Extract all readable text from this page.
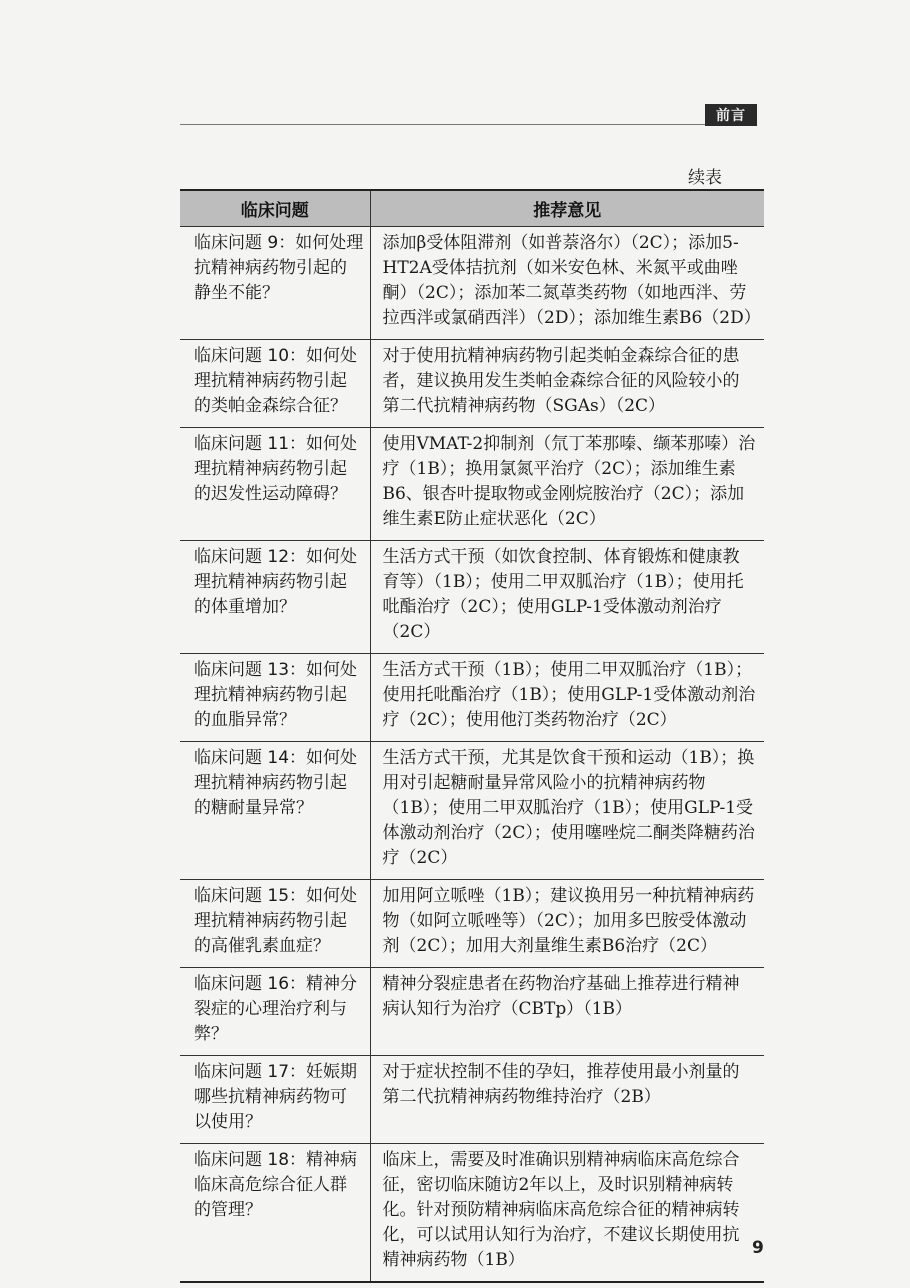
前言
续表
临床问题	推荐意见
临床问题 9：如何处理抗精神病药物引起的静坐不能？	添加β受体阻滞剂（如普萘洛尔）（2C）；添加5-HT2A受体拮抗剂（如米安色林、米氮平或曲唑酮）（2C）；添加苯二氮䓬类药物（如地西泮、劳拉西泮或氯硝西泮）（2D）；添加维生素B6（2D）
临床问题 10：如何处理抗精神病药物引起的类帕金森综合征？	对于使用抗精神病药物引起类帕金森综合征的患者，建议换用发生类帕金森综合征的风险较小的第二代抗精神病药物（SGAs）（2C）
临床问题 11：如何处理抗精神病药物引起的迟发性运动障碍？	使用VMAT-2抑制剂（氘丁苯那嗪、缬苯那嗪）治疗（1B）；换用氯氮平治疗（2C）；添加维生素B6、银杏叶提取物或金刚烷胺治疗（2C）；添加维生素E防止症状恶化（2C）
临床问题 12：如何处理抗精神病药物引起的体重增加？	生活方式干预（如饮食控制、体育锻炼和健康教育等）（1B）；使用二甲双胍治疗（1B）；使用托吡酯治疗（2C）；使用GLP-1受体激动剂治疗（2C）
临床问题 13：如何处理抗精神病药物引起的血脂异常？	生活方式干预（1B）；使用二甲双胍治疗（1B）；使用托吡酯治疗（1B）；使用GLP-1受体激动剂治疗（2C）；使用他汀类药物治疗（2C）
临床问题 14：如何处理抗精神病药物引起的糖耐量异常？	生活方式干预，尤其是饮食干预和运动（1B）；换用对引起糖耐量异常风险小的抗精神病药物（1B）；使用二甲双胍治疗（1B）；使用GLP-1受体激动剂治疗（2C）；使用噻唑烷二酮类降糖药治疗（2C）
临床问题 15：如何处理抗精神病药物引起的高催乳素血症？	加用阿立哌唑（1B）；建议换用另一种抗精神病药物（如阿立哌唑等）（2C）；加用多巴胺受体激动剂（2C）；加用大剂量维生素B6治疗（2C）
临床问题 16：精神分裂症的心理治疗利与弊？	精神分裂症患者在药物治疗基础上推荐进行精神病认知行为治疗（CBTp）（1B）
临床问题 17：妊娠期哪些抗精神病药物可以使用？	对于症状控制不佳的孕妇，推荐使用最小剂量的第二代抗精神病药物维持治疗（2B）
临床问题 18：精神病临床高危综合征人群的管理？	临床上，需要及时准确识别精神病临床高危综合征，密切临床随访2年以上，及时识别精神病转化。针对预防精神病临床高危综合征的精神病转化，可以试用认知行为治疗，不建议长期使用抗精神病药物（1B）
9
